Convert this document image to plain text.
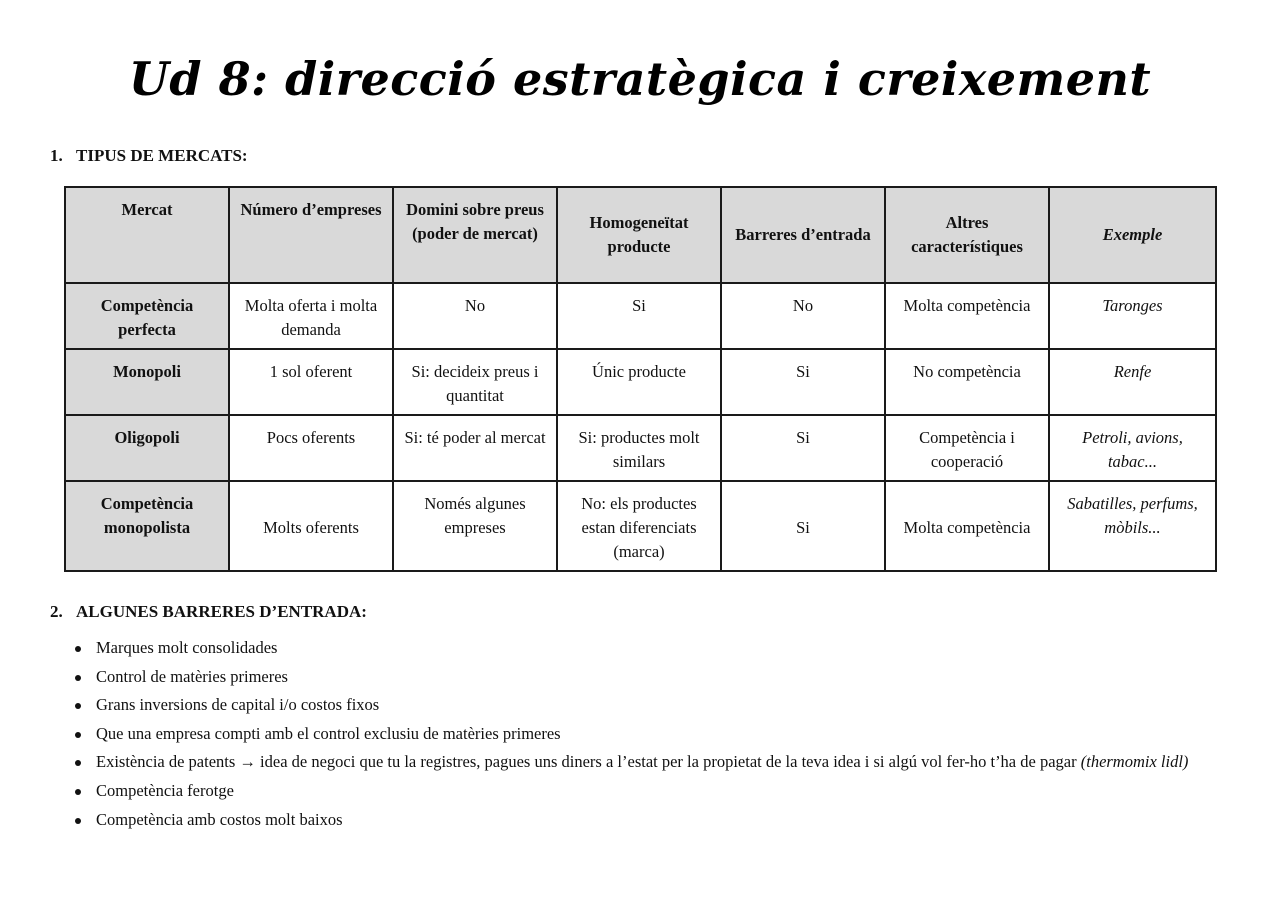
Ud 8: direcció estratègica i creixement
1. TIPUS DE MERCATS:
Mercat	Número d’empreses	Domini sobre preus (poder de mercat)	Homogeneïtat producte	Barreres d’entrada	Altres característiques	Exemple
Competència perfecta	Molta oferta i molta demanda	No	Si	No	Molta competència	Taronges
Monopoli	1 sol oferent	Si: decideix preus i quantitat	Únic producte	Si	No competència	Renfe
Oligopoli	Pocs oferents	Si: té poder al mercat	Si: productes molt similars	Si	Competència i cooperació	Petroli, avions, tabac...
Competència monopolista	Molts oferents	Només algunes empreses	No: els productes estan diferenciats (marca)	Si	Molta competència	Sabatilles, perfums, mòbils...
2. ALGUNES BARRERES D’ENTRADA:
Marques molt consolidades
Control de matèries primeres
Grans inversions de capital i/o costos fixos
Que una empresa compti amb el control exclusiu de matèries primeres
Existència de patents → idea de negoci que tu la registres, pagues uns diners a l’estat per la propietat de la teva idea i si algú vol fer-ho t’ha de pagar (thermomix lidl)
Competència ferotge
Competència amb costos molt baixos
